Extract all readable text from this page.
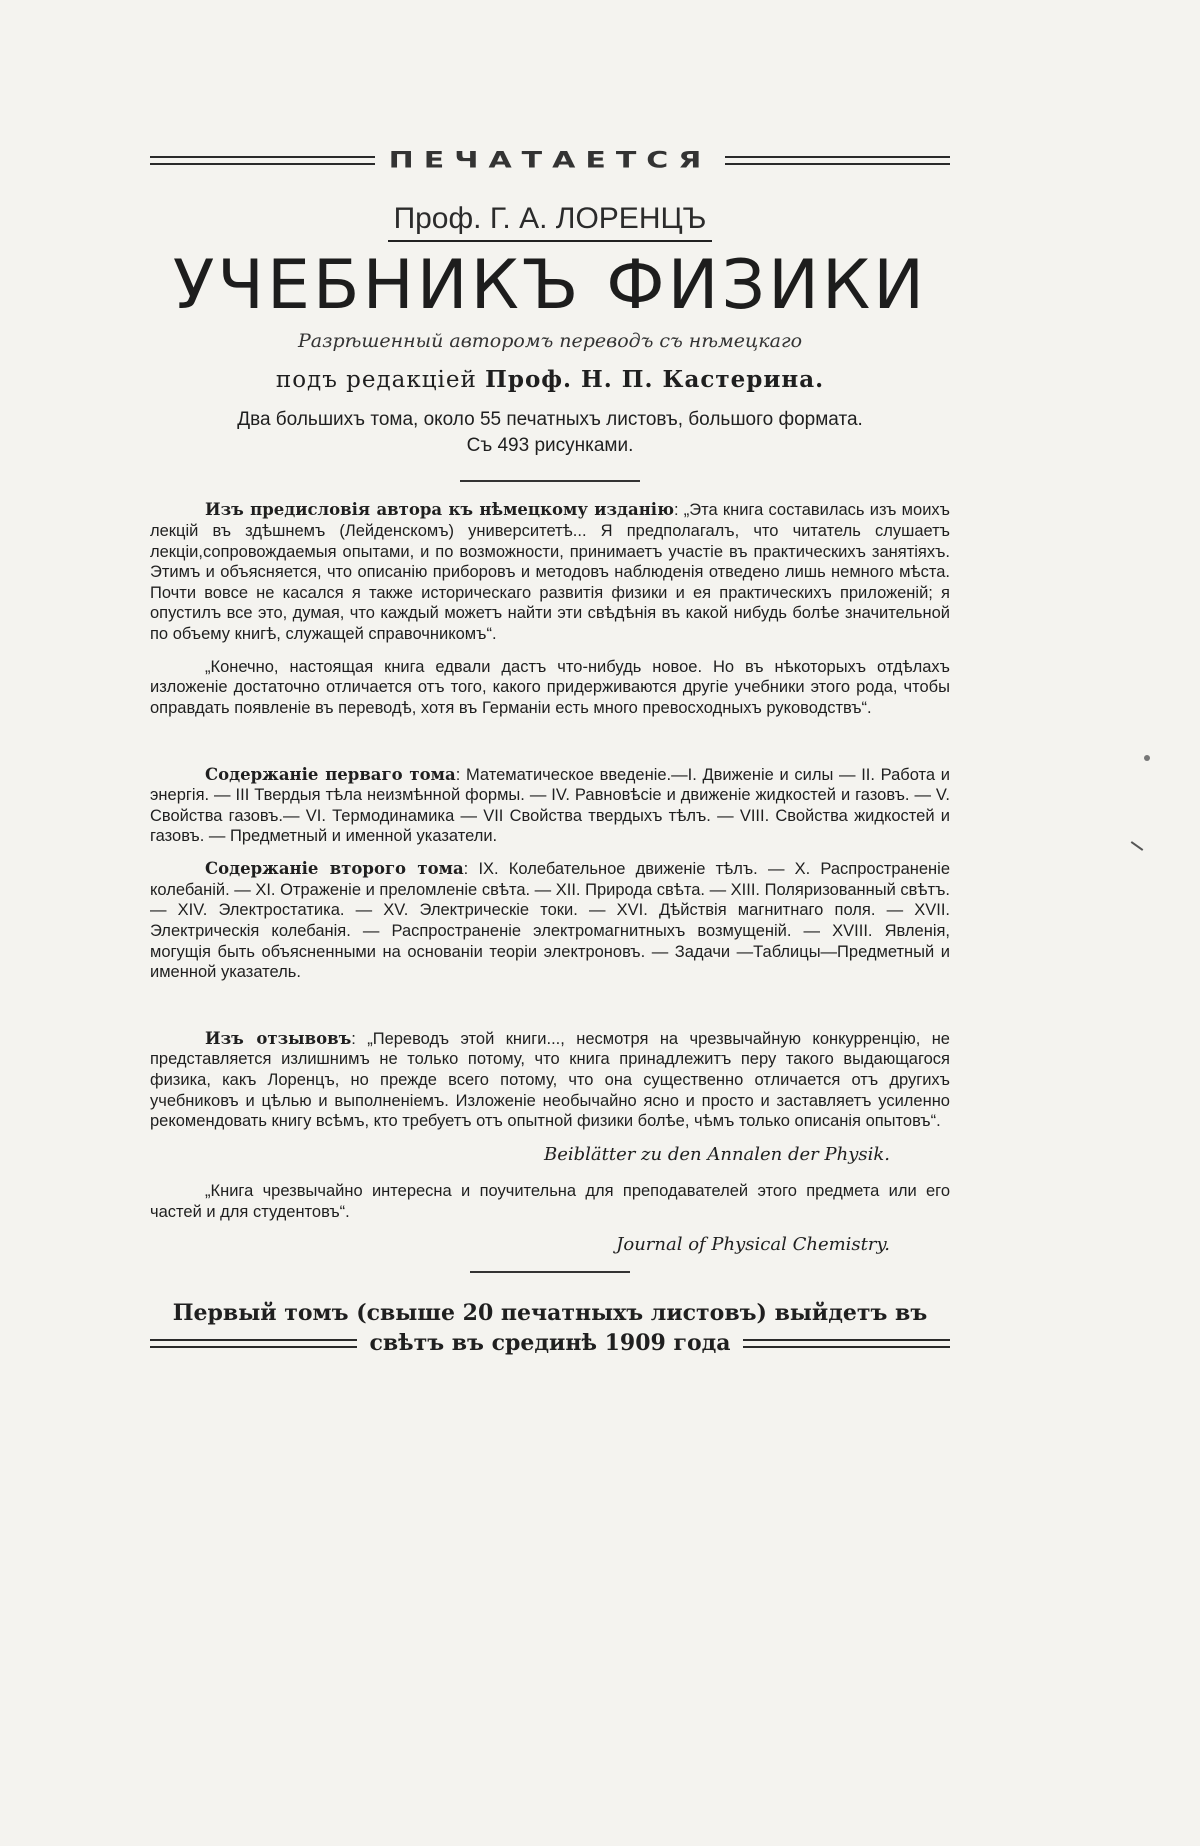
ПЕЧАТАЕТСЯ
Проф. Г. А. ЛОРЕНЦЪ
УЧЕБНИКЪ ФИЗИКИ
Разрѣшенный авторомъ переводъ съ нѣмецкаго
подъ редакціей Проф. Н. П. Кастерина.
Два большихъ тома, около 55 печатныхъ листовъ, большого формата.
Съ 493 рисунками.

Изъ предисловія автора къ нѣмецкому изданію: „Эта книга составилась изъ моихъ лекцій въ здѣшнемъ (Лейденскомъ) университетѣ... Я предполагалъ, что читатель слушаетъ лекціи,сопровождаемыя опытами, и по возможности, принимаетъ участіе въ практическихъ занятіяхъ. Этимъ и объясняется, что описанію приборовъ и методовъ наблюденія отведено лишь немного мѣста. Почти вовсе не касался я также историческаго развитія физики и ея практическихъ приложеній; я опустилъ все это, думая, что каждый можетъ найти эти свѣдѣнія въ какой нибудь болѣе значительной по объему книгѣ, служащей справочникомъ“.

„Конечно, настоящая книга едвали дастъ что-нибудь новое. Но въ нѣкоторыхъ отдѣлахъ изложеніе достаточно отличается отъ того, какого придерживаются другіе учебники этого рода, чтобы оправдать появленіе въ переводѣ, хотя въ Германіи есть много превосходныхъ руководствъ“.

Содержаніе перваго тома: Математическое введеніе.—I. Движеніе и силы — II. Работа и энергія. — III Твердыя тѣла неизмѣнной формы. — IV. Равновѣсіе и движеніе жидкостей и газовъ. — V. Свойства газовъ.— VI. Термодинамика — VII Свойства твердыхъ тѣлъ. — VIII. Свойства жидкостей и газовъ. — Предметный и именной указатели.

Содержаніе второго тома: IX. Колебательное движеніе тѣлъ. — X. Распространеніе колебаній. — XI. Отраженіе и преломленіе свѣта. — XII. Природа свѣта. — XIII. Поляризованный свѣтъ. — XIV. Электростатика. — XV. Электрическіе токи. — XVI. Дѣйствія магнитнаго поля. — XVII. Электрическія колебанія. — Распространеніе электромагнитныхъ возмущеній. — XVIII. Явленія, могущія быть объясненными на основаніи теоріи электроновъ. — Задачи —Таблицы—Предметный и именной указатель.

Изъ отзывовъ: „Переводъ этой книги..., несмотря на чрезвычайную конкурренцію, не представляется излишнимъ не только потому, что книга принадлежитъ перу такого выдающагося физика, какъ Лоренцъ, но прежде всего потому, что она существенно отличается отъ другихъ учебниковъ и цѣлью и выполненіемъ. Изложеніе необычайно ясно и просто и заставляетъ усиленно рекомендовать книгу всѣмъ, кто требуетъ отъ опытной физики болѣе, чѣмъ только описанія опытовъ“.

Beiblätter zu den Annalen der Physik.

„Книга чрезвычайно интересна и поучительна для преподавателей этого предмета или его частей и для студентовъ“.

Journal of Physical Chemistry.
Первый томъ (свыше 20 печатныхъ листовъ) выйдетъ въ
свѣтъ въ срединѣ 1909 года
